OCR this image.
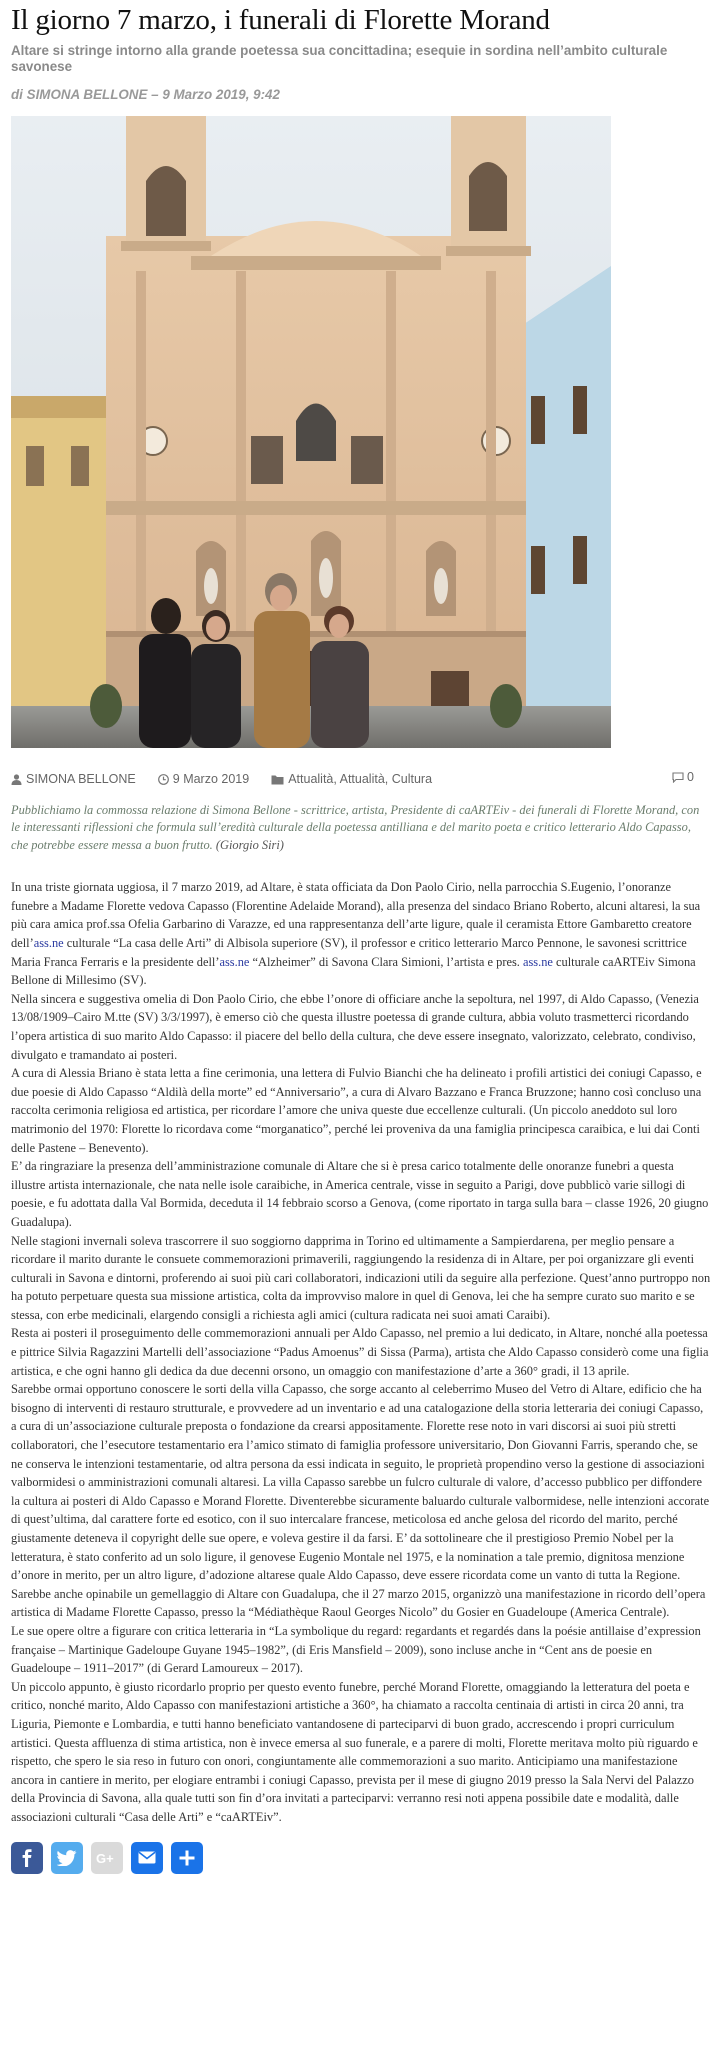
Il giorno 7 marzo, i funerali di Florette Morand
Altare si stringe intorno alla grande poetessa sua concittadina; esequie in sordina nell’ambito culturale savonese
di SIMONA BELLONE – 9 Marzo 2019, 9:42
SIMONA BELLONE	9 Marzo 2019	Attualità, Attualità, Cultura	0
Pubblichiamo la commossa relazione di Simona Bellone - scrittrice, artista, Presidente di caARTEiv - dei funerali di Florette Morand, con le interessanti riflessioni che formula sull’eredità culturale della poetessa antilliana e del marito poeta e critico letterario Aldo Capasso, che potrebbe essere messa a buon frutto. (Giorgio Siri)

In una triste giornata uggiosa, il 7 marzo 2019, ad Altare, è stata officiata da Don Paolo Cirio, nella parrocchia S.Eugenio, l’onoranze funebre a Madame Florette vedova Capasso (Florentine Adelaide Morand), alla presenza del sindaco Briano Roberto, alcuni altaresi, la sua più cara amica prof.ssa Ofelia Garbarino di Varazze, ed una rappresentanza dell’arte ligure, quale il ceramista Ettore Gambaretto creatore dell’ass.ne culturale “La casa delle Arti” di Albisola superiore (SV), il professor e critico letterario Marco Pennone, le savonesi scrittrice Maria Franca Ferraris e la presidente dell’ass.ne “Alzheimer” di Savona Clara Simioni, l’artista e pres. ass.ne culturale caARTEiv Simona Bellone di Millesimo (SV).

Nella sincera e suggestiva omelia di Don Paolo Cirio, che ebbe l’onore di officiare anche la sepoltura, nel 1997, di Aldo Capasso, (Venezia 13/08/1909–Cairo M.tte (SV) 3/3/1997), è emerso ciò che questa illustre poetessa di grande cultura, abbia voluto trasmetterci ricordando l’opera artistica di suo marito Aldo Capasso: il piacere del bello della cultura, che deve essere insegnato, valorizzato, celebrato, condiviso, divulgato e tramandato ai posteri.

A cura di Alessia Briano è stata letta a fine cerimonia, una lettera di Fulvio Bianchi che ha delineato i profili artistici dei coniugi Capasso, e due poesie di Aldo Capasso “Aldilà della morte” ed “Anniversario”, a cura di Alvaro Bazzano e Franca Bruzzone; hanno così concluso una raccolta cerimonia religiosa ed artistica, per ricordare l’amore che univa queste due eccellenze culturali. (Un piccolo aneddoto sul loro matrimonio del 1970: Florette lo ricordava come “morganatico”, perché lei proveniva da una famiglia principesca caraibica, e lui dai Conti delle Pastene – Benevento).

E’ da ringraziare la presenza dell’amministrazione comunale di Altare che si è presa carico totalmente delle onoranze funebri a questa illustre artista internazionale, che nata nelle isole caraibiche, in America centrale, visse in seguito a Parigi, dove pubblicò varie sillogi di poesie, e fu adottata dalla Val Bormida, deceduta il 14 febbraio scorso a Genova, (come riportato in targa sulla bara – classe 1926, 20 giugno Guadalupa).

Nelle stagioni invernali soleva trascorrere il suo soggiorno dapprima in Torino ed ultimamente a Sampierdarena, per meglio pensare a ricordare il marito durante le consuete commemorazioni primaverili, raggiungendo la residenza di in Altare, per poi organizzare gli eventi culturali in Savona e dintorni, proferendo ai suoi più cari collaboratori, indicazioni utili da seguire alla perfezione. Quest’anno purtroppo non ha potuto perpetuare questa sua missione artistica, colta da improvviso malore in quel di Genova, lei che ha sempre curato suo marito e se stessa, con erbe medicinali, elargendo consigli a richiesta agli amici (cultura radicata nei suoi amati Caraibi).

Resta ai posteri il proseguimento delle commemorazioni annuali per Aldo Capasso, nel premio a lui dedicato, in Altare, nonché alla poetessa e pittrice Silvia Ragazzini Martelli dell’associazione “Padus Amoenus” di Sissa (Parma), artista che Aldo Capasso considerò come una figlia artistica, e che ogni hanno gli dedica da due decenni orsono, un omaggio con manifestazione d’arte a 360° gradi, il 13 aprile.

Sarebbe ormai opportuno conoscere le sorti della villa Capasso, che sorge accanto al celeberrimo Museo del Vetro di Altare, edificio che ha bisogno di interventi di restauro strutturale, e provvedere ad un inventario e ad una catalogazione della storia letteraria dei coniugi Capasso, a cura di un’associazione culturale preposta o fondazione da crearsi appositamente. Florette rese noto in vari discorsi ai suoi più stretti collaboratori, che l’esecutore testamentario era l’amico stimato di famiglia professore universitario, Don Giovanni Farris, sperando che, se ne conserva le intenzioni testamentarie, od altra persona da essi indicata in seguito, le proprietà propendino verso la gestione di associazioni valbormidesi o amministrazioni comunali altaresi. La villa Capasso sarebbe un fulcro culturale di valore, d’accesso pubblico per diffondere la cultura ai posteri di Aldo Capasso e Morand Florette. Diventerebbe sicuramente baluardo culturale valbormidese, nelle intenzioni accorate di quest’ultima, dal carattere forte ed esotico, con il suo intercalare francese, meticolosa ed anche gelosa del ricordo del marito, perché giustamente deteneva il copyright delle sue opere, e voleva gestire il da farsi. E’ da sottolineare che il prestigioso Premio Nobel per la letteratura, è stato conferito ad un solo ligure, il genovese Eugenio Montale nel 1975, e la nomination a tale premio, dignitosa menzione d’onore in merito, per un altro ligure, d’adozione altarese quale Aldo Capasso, deve essere ricordata come un vanto di tutta la Regione.

Sarebbe anche opinabile un gemellaggio di Altare con Guadalupa, che il 27 marzo 2015, organizzò una manifestazione in ricordo dell’opera artistica di Madame Florette Capasso, presso la “Médiathèque Raoul Georges Nicolo” du Gosier en Guadeloupe (America Centrale).

Le sue opere oltre a figurare con critica letteraria in “La symbolique du regard: regardants et regardés dans la poésie antillaise d’expression française – Martinique Gadeloupe Guyane 1945–1982”, (di Eris Mansfield – 2009), sono incluse anche in “Cent ans de poesie en Guadeloupe – 1911–2017” (di Gerard Lamoureux – 2017).

Un piccolo appunto, è giusto ricordarlo proprio per questo evento funebre, perché Morand Florette, omaggiando la letteratura del poeta e critico, nonché marito, Aldo Capasso con manifestazioni artistiche a 360°, ha chiamato a raccolta centinaia di artisti in circa 20 anni, tra Liguria, Piemonte e Lombardia, e tutti hanno beneficiato vantandosene di parteciparvi di buon grado, accrescendo i propri curriculum artistici. Questa affluenza di stima artistica, non è invece emersa al suo funerale, e a parere di molti, Florette meritava molto più riguardo e rispetto, che spero le sia reso in futuro con onori, congiuntamente alle commemorazioni a suo marito. Anticipiamo una manifestazione ancora in cantiere in merito, per elogiare entrambi i coniugi Capasso, prevista per il mese di giugno 2019 presso la Sala Nervi del Palazzo della Provincia di Savona, alla quale tutti son fin d’ora invitati a parteciparvi: verranno resi noti appena possibile date e modalità, dalle associazioni culturali “Casa delle Arti” e “caARTEiv”.

G+
